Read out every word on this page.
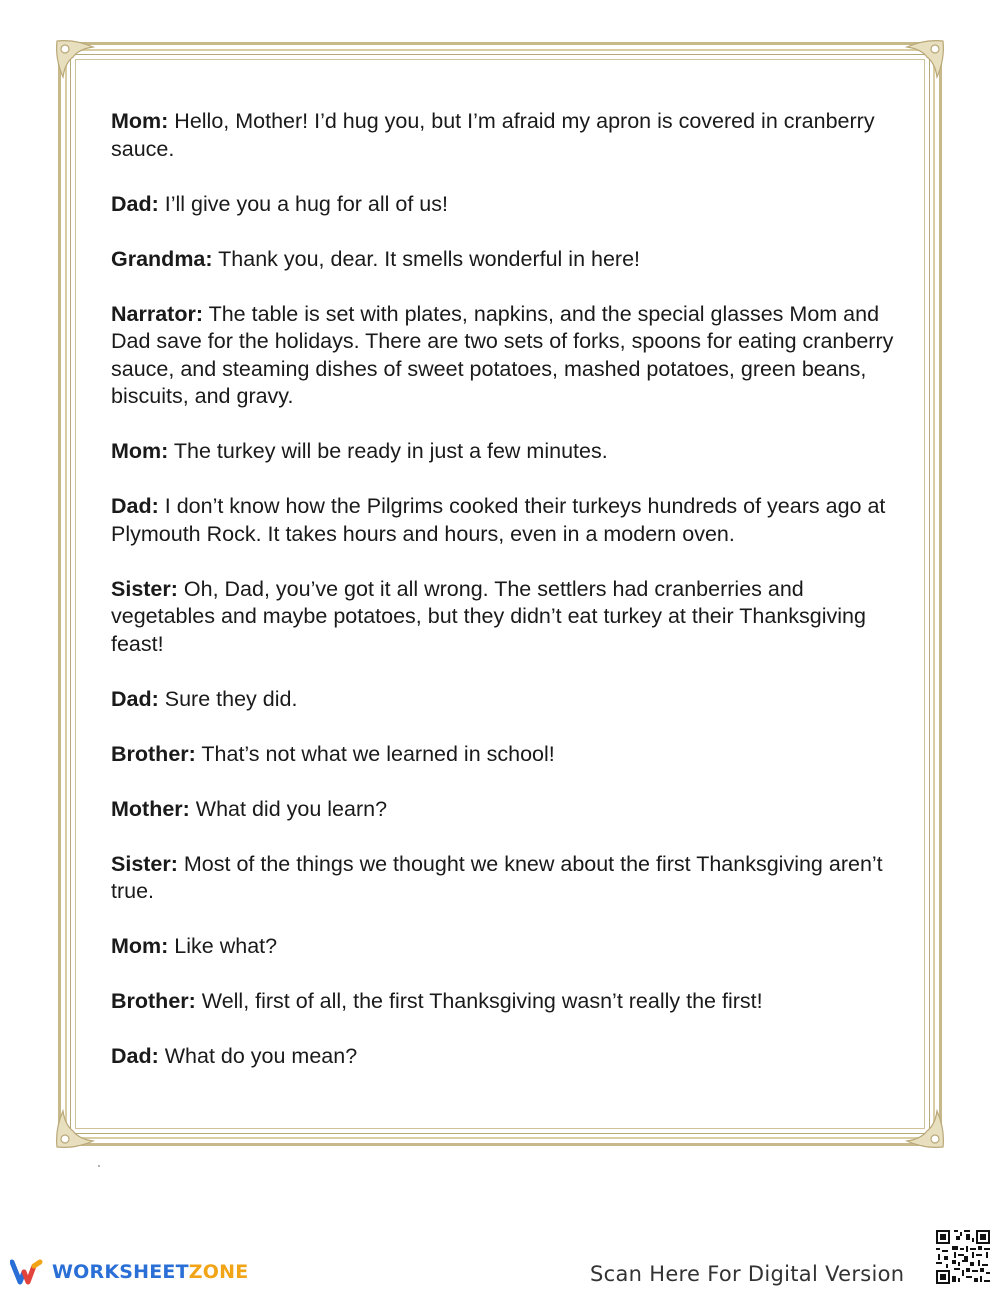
Mom: Hello, Mother! I’d hug you, but I’m afraid my apron is covered in cranberry sauce.

Dad: I’ll give you a hug for all of us!

Grandma: Thank you, dear. It smells wonderful in here!

Narrator: The table is set with plates, napkins, and the special glasses Mom and Dad save for the holidays. There are two sets of forks, spoons for eating cranberry sauce, and steaming dishes of sweet potatoes, mashed potatoes, green beans, biscuits, and gravy.

Mom: The turkey will be ready in just a few minutes.

Dad: I don’t know how the Pilgrims cooked their turkeys hundreds of years ago at Plymouth Rock. It takes hours and hours, even in a modern oven.

Sister: Oh, Dad, you’ve got it all wrong. The settlers had cranberries and vegetables and maybe potatoes, but they didn’t eat turkey at their Thanksgiving feast!

Dad: Sure they did.

Brother: That’s not what we learned in school!

Mother: What did you learn?

Sister: Most of the things we thought we knew about the first Thanksgiving aren’t true.

Mom: Like what?

Brother: Well, first of all, the first Thanksgiving wasn’t really the first!

Dad: What do you mean?

WORKSHEETZONE	Scan Here For Digital Version
